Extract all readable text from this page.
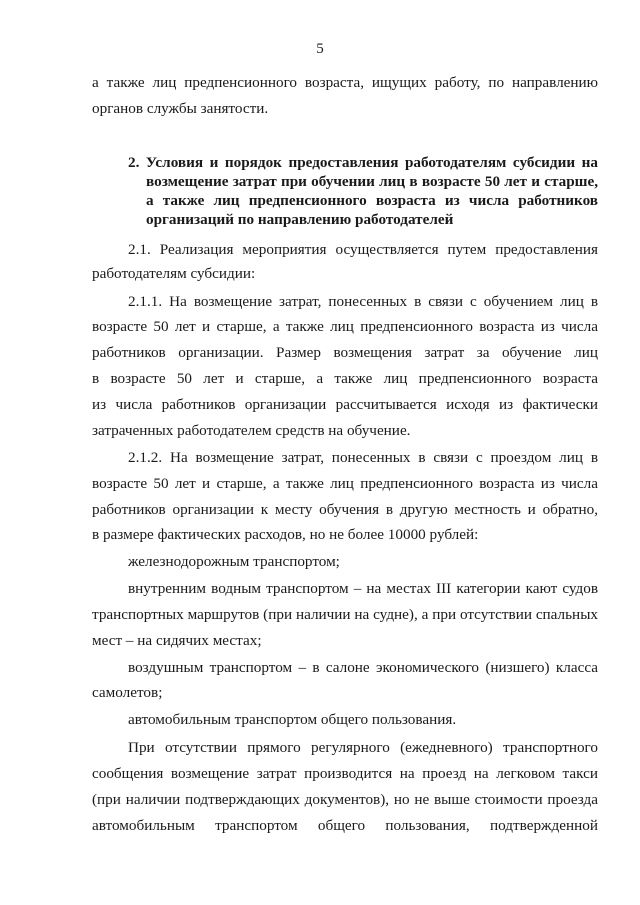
5
а также лиц предпенсионного возраста, ищущих работу, по направлению
органов службы занятости.
2. Условия и порядок предоставления работодателям субсидии на
возмещение затрат при обучении лиц в возрасте 50 лет и старше,
а также лиц предпенсионного возраста из числа работников
организаций по направлению работодателей
2.1. Реализация мероприятия осуществляется путем предоставления
работодателям субсидии:
2.1.1. На возмещение затрат, понесенных в связи с обучением лиц в
возрасте 50 лет и старше, а также лиц предпенсионного возраста из числа
работников организации. Размер возмещения затрат за обучение лиц
в возрасте 50 лет и старше, а также лиц предпенсионного возраста
из числа работников организации рассчитывается исходя из фактически
затраченных работодателем средств на обучение.
2.1.2. На возмещение затрат, понесенных в связи с проездом лиц в
возрасте 50 лет и старше, а также лиц предпенсионного возраста из числа
работников организации к месту обучения в другую местность и обратно,
в размере фактических расходов, но не более 10000 рублей:
железнодорожным транспортом;
внутренним водным транспортом – на местах III категории кают судов
транспортных маршрутов (при наличии на судне), а при отсутствии спальных
мест – на сидячих местах;
воздушным транспортом – в салоне экономического (низшего) класса
самолетов;
автомобильным транспортом общего пользования.
При отсутствии прямого регулярного (ежедневного) транспортного
сообщения возмещение затрат производится на проезд на легковом такси
(при наличии подтверждающих документов), но не выше стоимости проезда
автомобильным транспортом общего пользования, подтвержденной
